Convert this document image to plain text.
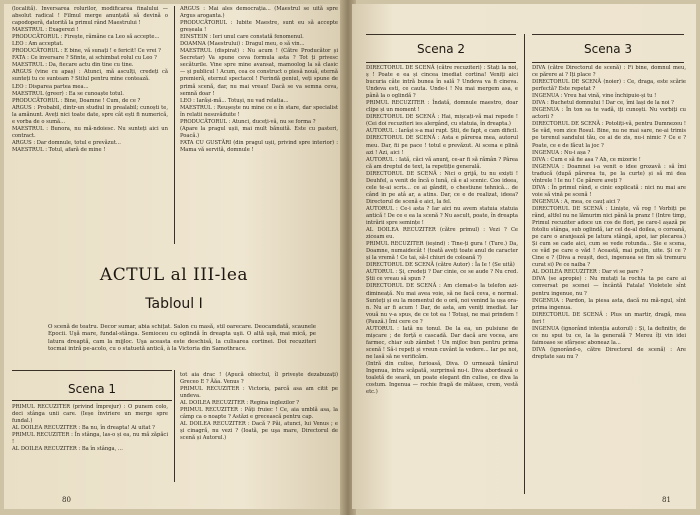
(localită). Inversarea rolurilor, modificarea finalului — absolut radical ! Filmul merge anunțată să devină o capodoperă, datorită la primul rând Maestrului !

MAESTRUL : Exagerezi !

PRODUCĂTORUL : Firește, râmâne ca Leo să accepte...

LEO : Am acceptat.

PRODUCĂTORUL : E bine, vă sunați ! e fericit! Ce vrei ?

FATA : Ce inversare ? Sfinte, ai schimbat rolul cu Leo ?

MAESTRUL : Da, fiecare actu din tine cu tine.

ARGUS (vine cu apaș) : Atunci, mă asculți, credeți că sunteți tu ce sunteam ? Stilul pentru mine contează.

LEO : Disparea partea mea...

MAESTRUL (greer) : Ea se cunoaște totul.

PRODUCĂTORUL : Bine, Doamne ! Cum, de ce ?

ARGUS : Probabil, dintr-un studiul in prealabil; cunoști te, la amănunt. Aveți nici toate date, spre cât ești fi numerică, e vorba de o sumă...

MAESTRUL : Bunora, nu mă-ndoiesc. Nu sunteți aici un contract.

ARGUS : Dar domnule, totul e prevăzut...

MAESTRUL : Totul, afară de mine !

ARGUS : Mai ales democrația... (Maestrul se uită spre Argus aroganta.)

PRODUCĂTORUL : Iubite Maestre, sunt eu să accepte greșeala !

EINSTEIN : Ieri unul care constată fenomenul.

DOAMNA (Maestrului) : Dragul meu, o să vin...

MAESTRUL (dispirat) : Nu acum ! (Către Producător și Secretar) Va spune ceva formula asta ? Tot ți privesc secăturile. Vine spre mine avansat, mamoolog la să clasic — și publicul ! Acum, cea ce construct o piesă nouă, eternă premieră, eternul spectacol ! Ferindă geniul, veți spune de primă scenă, dar, nu mai vreau! Dacă se va semna ceva, semnă doar !

LEO : Iarăși-mă... Totuși, nu vad relatia...

MAESTRUL : Reușește nu mine ce e în stare, dar specialist în relatii nesuvăduite !

PRODUCĂTORUL : Atunci, duceți-vă, nu se forma ?

(Apare la pragul ușii, mai mult bănuită. Este cu pasteri, Poacă.)

FATA CU GUSTĂRI (din pragul ușii, privind spre interior) : Mama vă servită, domnule !

ACTUL al III-lea
Tabloul I
O scenă de teatru. Decor sumar, abia schițat. Salon cu masă, stil oarecare. Deocamdată, scaunele Epocii. Uşă mare, fundal-stânga. Semioceu cu oglindă în dreapta uşii. O altă uşă, mai mică, pe latura dreaptă, cam la mijloc. Uşa aceasta este deschisă, la culisarea cortinei. Doi recuziteri tocmai intră pe-acolo, cu o statuetă antică, à la Victoria din Samothrace.
Scena 1

PRIMUL RECUZITER (privind împrejur) : O punem colo, deci stânga unii care. (Ieșe înviriere un merge spre fundal.)

AL DOILEA RECUZITER : Ba nu, în dreapta! Ai uitat ?

PRIMUL RECUZITER : În stânga, las-o și ea, nu mă zăpăci !

AL DOILEA RECUZITER : Ba în stânga, ...

tot aia drac ! (Apucă obiectul, îl privește dezabuzați) Greceo E ? Ăăa. Venus ?

PRIMUL RECUZITER : Victoria, parcă asa am citit pe undeva.

AL DOILEA RECUZITER : Regina inglezilor ?

PRIMUL RECUZITER : Păți fruiec ! Ce, aia umblă asa, la câmp ca o noapte ? Astăzi e grecească pentru cap.

AL DOILEA RECUZITER : Dacă ? Păi, atunci, lui Venus ; e și cinagră, nu vezi ? (Ioată, pe uşa mare, Directorul de scenă și Autorul.)

80
Scena 2

DIRECTORUL DE SCENĂ (către recuziteri) : Stați la noi, ș ! Poate e ea și cincea imediat cortina! Veniți aici bucuria câte intră bunea în sală ? Undeva va fi cineva. Undeva esti, ce cauta. Unde-i ! Nu mai mergem asa, e până la o oglindă ?

PRIMUL RECUZITER : Îndată, domnule maestro, doar clipe și un moment !

DIRECTORUL DE SCENĂ : Hai, mișcați-vă mai repede ! (Cei doi recuziteri ies alergând, cu statuia, în dreapta.)

AUTORUL : Iarăși s-a mai rupt. Știi, de fapt, e cam dificil.

DIRECTORUL DE SCENĂ : Asta e părerea mea, autorul meu. Dar, fii pe pace ! totul e prevăzut. Ai scena e plină azi ! Azi, aici !

AUTORUL : Iată, căci vă anunț, ce-ar fi să rămân ? Pârea că am dreptul de text, la repetiție generală.

DIRECTORUL DE SCENĂ : Nici o grijă, tu nu exiști ! Deuhfel, a venit de încă o lună, că e al scenic. Coo ideea, cele te-ai scris... ce ai gândit, o chestiune tehnică... de când in pe atâ ar, a atins. Dar, ce e de realizat, ideea? Directorul de scenă e aici, la fel.

AUTORUL : Ce-i asta ? Iar aici nu avem statuia statuia antică ! De ce e ea la scenă ? Nu ascult, poate, în dreapta intrării spre semințe !

AL DOILEA RECUZITER (către primul) : Vezi ? Ce ziceam eu.

PRIMUL RECUZITER (ieșind) : Tine-ți gura ! (Ture.) Da, Doamne, numaidecât ! (toată aveți toate anul de caracter și la vremă ! Ce tai, să-l chiuri de coloană ?)

DIRECTORUL DE SCENĂ (către Autor) : Îa Ie ! (Se uită)

AUTORUL : Și, credeți ? Dar cinie, ce se aude ? Nu cred. Știi ce vreau să spun ?

DIRECTORUL DE SCENĂ : Am clemat-o la telefon azi-dimineață. Nu mai avea voie, să ne facă ceva, e normal. Sunteți și eu la momentul de o oră, noi venind la ușa ora-n. Nu ar fi acum ! Dar, de asta, am veniți imediat. Iar vouă nu v-a spus, de ce tot ea ! Totuși, ne mai prindem ! (Pauză.) Îmi cere ce ?

AUTORUL : Iată nu tonul. De la ea, un pulsiune de mișcare ; de forță e cascadă. Dar dacă are vocea, are farmec, chiar sub zâmbet ! Un mijloc bun pentru prima scenă ! Să-i repeți și vreun cuvânt la vedere... Iar pe noi, ne lasă să ne verificăm.

(Intră din culise, furioasă, Diva. O urmează tânărul Ingenua, intra scăpată, surprinsă nu-i. Diva abordează o toaletă de seară, un poate elegant din culise, ce diva la costum. Ingenua — rochie fragă de mătase, crem, vestă etc.)

Scena 3

DIVA (către Directorul de scenă) : Fi bine, domnul meu, ce părere ai ? Iți place ?

DIRECTORUL DE SCENĂ (noier) : Ce, draga, este scărie perfectă? Este repetat ?

INGENUA : Vreu hai vină, vine închipuie-și tu !

DIVA : Buchetul domnului ! Dar ce, îmi lași de la noi ?

INGENUA : În ton sa te vadă, iți cunoști. Nu vorbiți cu actorii ?

DIRECTORUL DE SCENĂ : Potoliți-vă, pentru Dumnezeu ! Se văd, vom zice Rosul. Bine, nu ne mai sare, ne-ai trimis pe terenul sandului tău, ce ai de zis, nu-i nimic ? Ce e ? Poate, ce e de făcut la joc ?

INGENUA : Nu-i așa ?

DIVA : Cum e să fie asa ? Ah, ce mizerie !

INGENUA : Doamnei i-a venit o idee grozavă : să îmi traducă (după părerea tu, pe la curte) și să mi dea vîntrele ! Ie nu ! Ce părere aveți ?

DIVA : În primul rând, e cinic explicată : nici nu mai are voie să vină pe scenă !

INGENUA : A, mea, ce cauț aici ?

DIRECTORUL DE SCENĂ : Liniște, vă rog ! Vorbiți pe rând, altfel nu ne lămurim nici până la pranz ! (Intre timp, Primul recuziter adoce un cos de flori, pe care-l așază pe fotoliu stânga, sub oglindă, iar cel de-al doilea, o coroană, pe care o aranjează pe latura stângă, apoi, iar plecarea.) Și cum se cade aici, cum se vede rotunda... Șie e scena, ce văd pe care o văd ! Această, mai puțin, uite. Și ce ? Cine e ? (Diva a reușit, deci, ingenuea se fim să tremuru curat si) Pe ce naiba ?

AL DOILEA RECUZITER : Dar vi se pare ?

DIVA (se apropie) : Nu mutați la rochia ta pe care ai conversat pe scenei — încântă Fatala! Violetele sînt pentru ingenue, nu ?

INGENUA : Pardon, la piesa asta, dacă nu mă-ngul, sînt prima ingenua.

DIRECTORUL DE SCENĂ : Plus un martir, dragă, mea feri !

INGENUA (ignorând intenția autorul) : Și, la definitiv, de ce nu spui tu ce, la la generală ? Mereu îți vin idei faimoase se sfârșesc aboneaz la...

DIVA (ignorând-o, către Directorul de scenă) : Are dreptate sau nu ?

81
